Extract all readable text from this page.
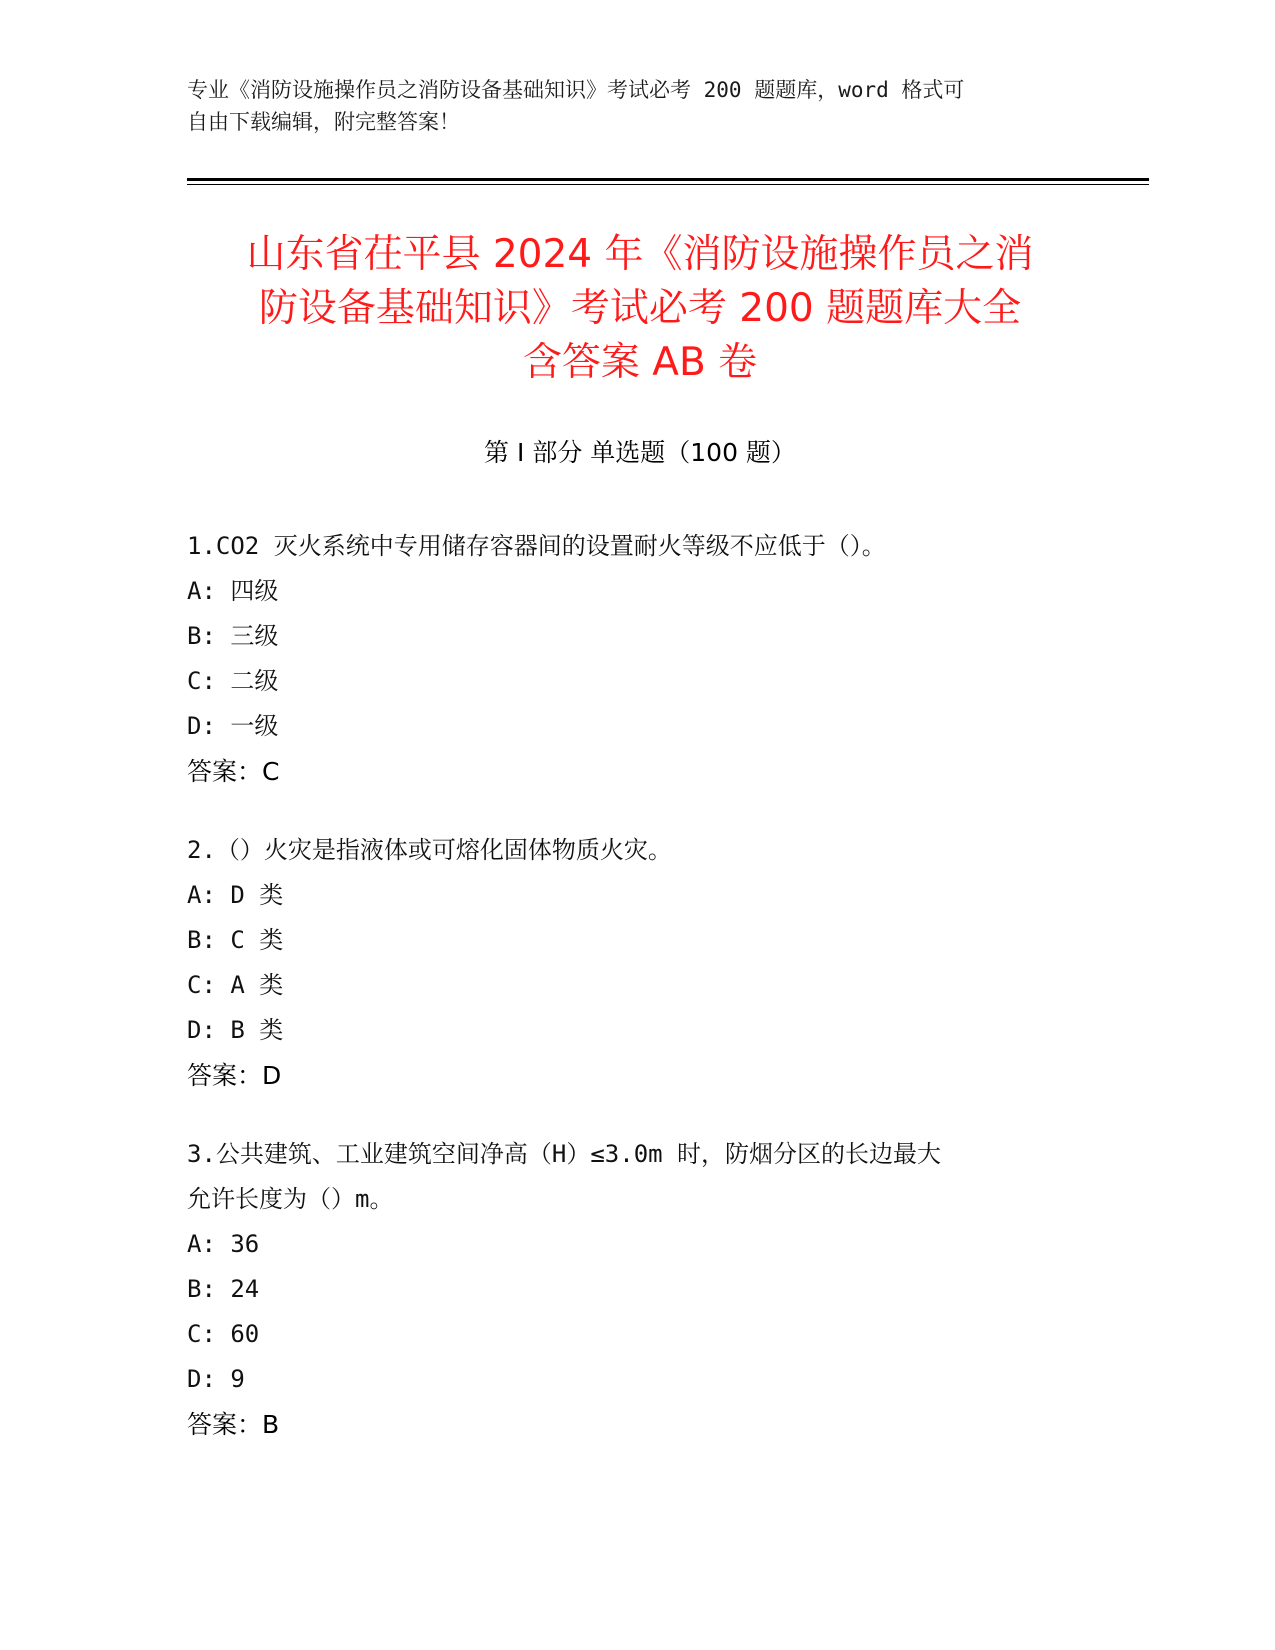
专业《消防设施操作员之消防设备基础知识》考试必考 200 题题库，word 格式可
自由下载编辑，附完整答案！
山东省茌平县 2024 年《消防设施操作员之消
防设备基础知识》考试必考 200 题题库大全
含答案 AB 卷
第 I 部分 单选题（100 题）
1.CO2 灭火系统中专用储存容器间的设置耐火等级不应低于（）。
A: 四级
B: 三级
C: 二级
D: 一级
答案：C
2.（）火灾是指液体或可熔化固体物质火灾。
A: D 类
B: C 类
C: A 类
D: B 类
答案：D
3.公共建筑、工业建筑空间净高（H）≤3.0m 时，防烟分区的长边最大
允许长度为（）m。
A: 36
B: 24
C: 60
D: 9
答案：B
